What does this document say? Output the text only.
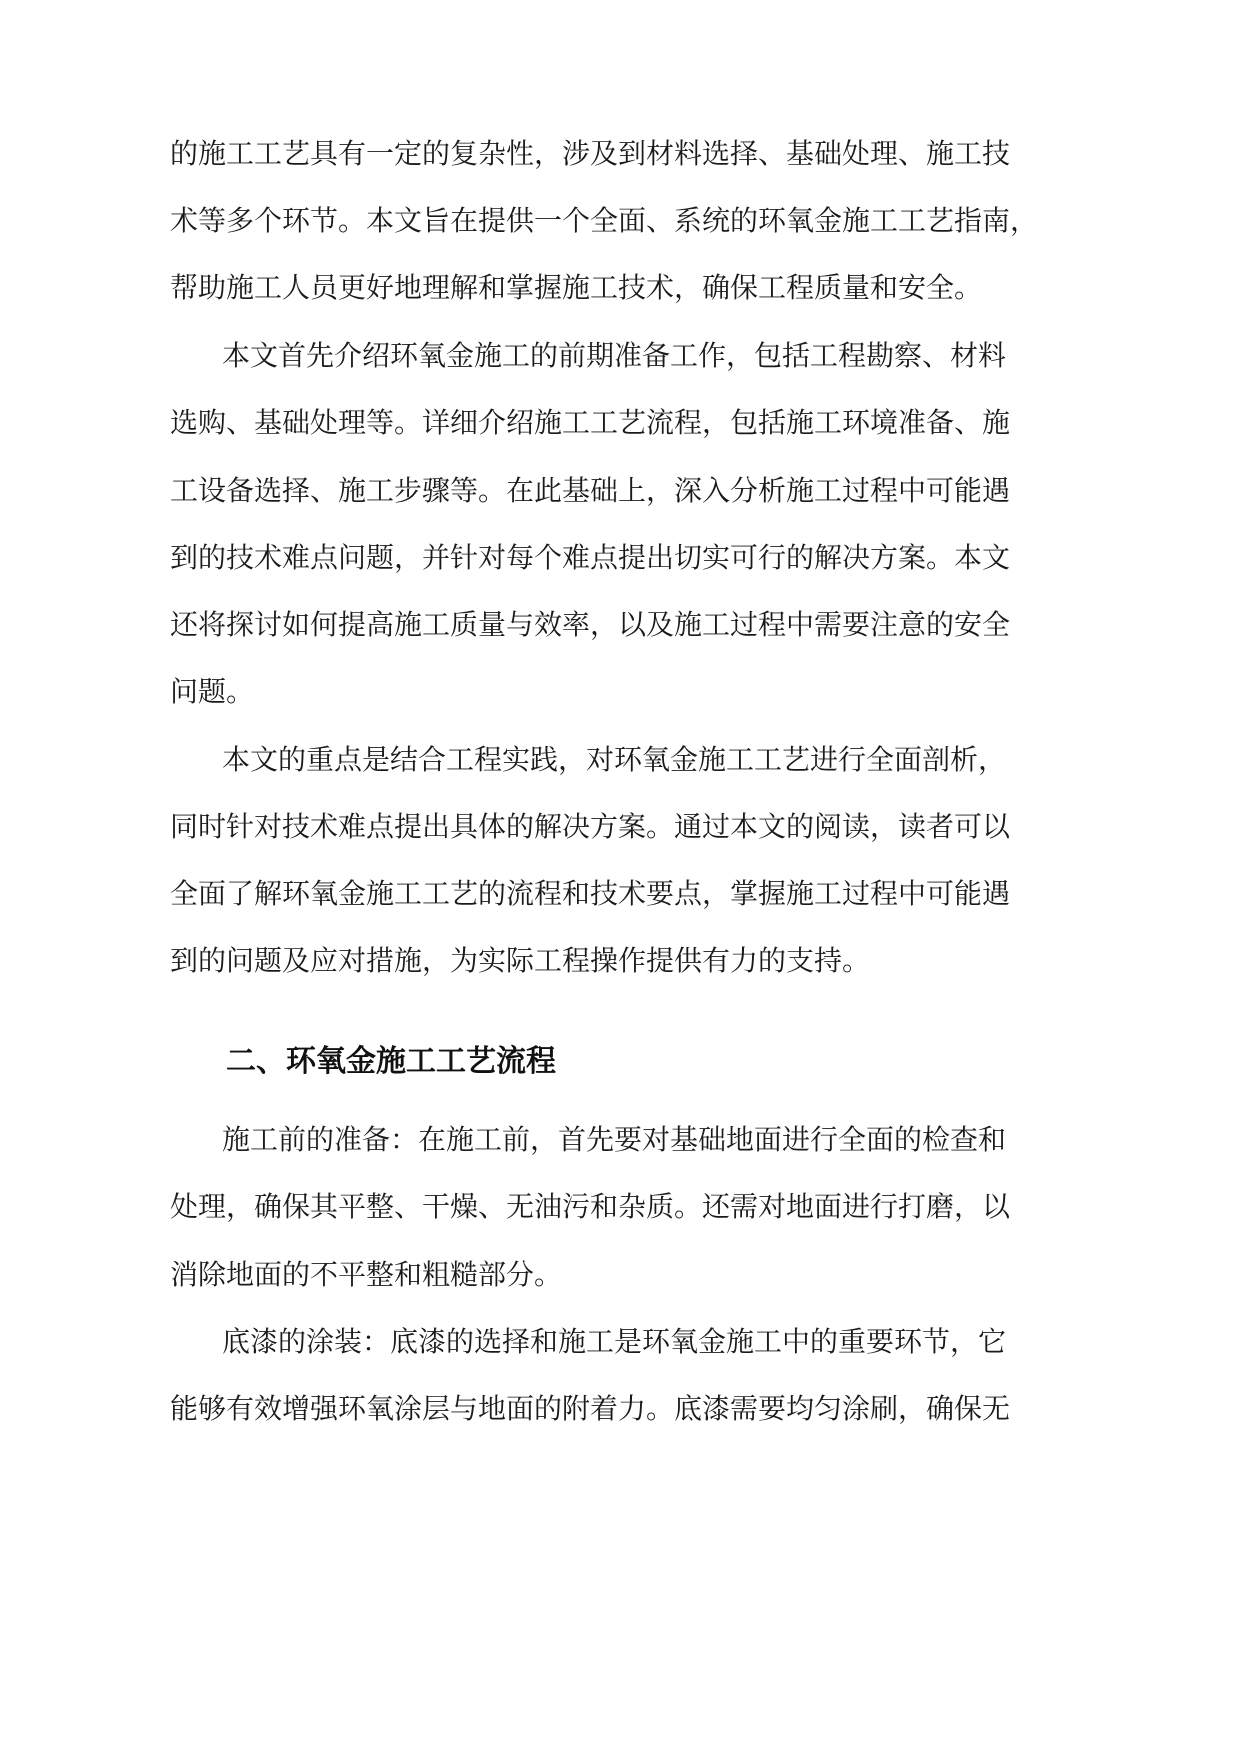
的施工工艺具有一定的复杂性，涉及到材料选择、基础处理、施工技
术等多个环节。本文旨在提供一个全面、系统的环氧金施工工艺指南，
帮助施工人员更好地理解和掌握施工技术，确保工程质量和安全。
本文首先介绍环氧金施工的前期准备工作，包括工程勘察、材料
选购、基础处理等。详细介绍施工工艺流程，包括施工环境准备、施
工设备选择、施工步骤等。在此基础上，深入分析施工过程中可能遇
到的技术难点问题，并针对每个难点提出切实可行的解决方案。本文
还将探讨如何提高施工质量与效率，以及施工过程中需要注意的安全
问题。
本文的重点是结合工程实践，对环氧金施工工艺进行全面剖析，
同时针对技术难点提出具体的解决方案。通过本文的阅读，读者可以
全面了解环氧金施工工艺的流程和技术要点，掌握施工过程中可能遇
到的问题及应对措施，为实际工程操作提供有力的支持。
二、环氧金施工工艺流程
施工前的准备：在施工前，首先要对基础地面进行全面的检查和
处理，确保其平整、干燥、无油污和杂质。还需对地面进行打磨，以
消除地面的不平整和粗糙部分。
底漆的涂装：底漆的选择和施工是环氧金施工中的重要环节，它
能够有效增强环氧涂层与地面的附着力。底漆需要均匀涂刷，确保无
